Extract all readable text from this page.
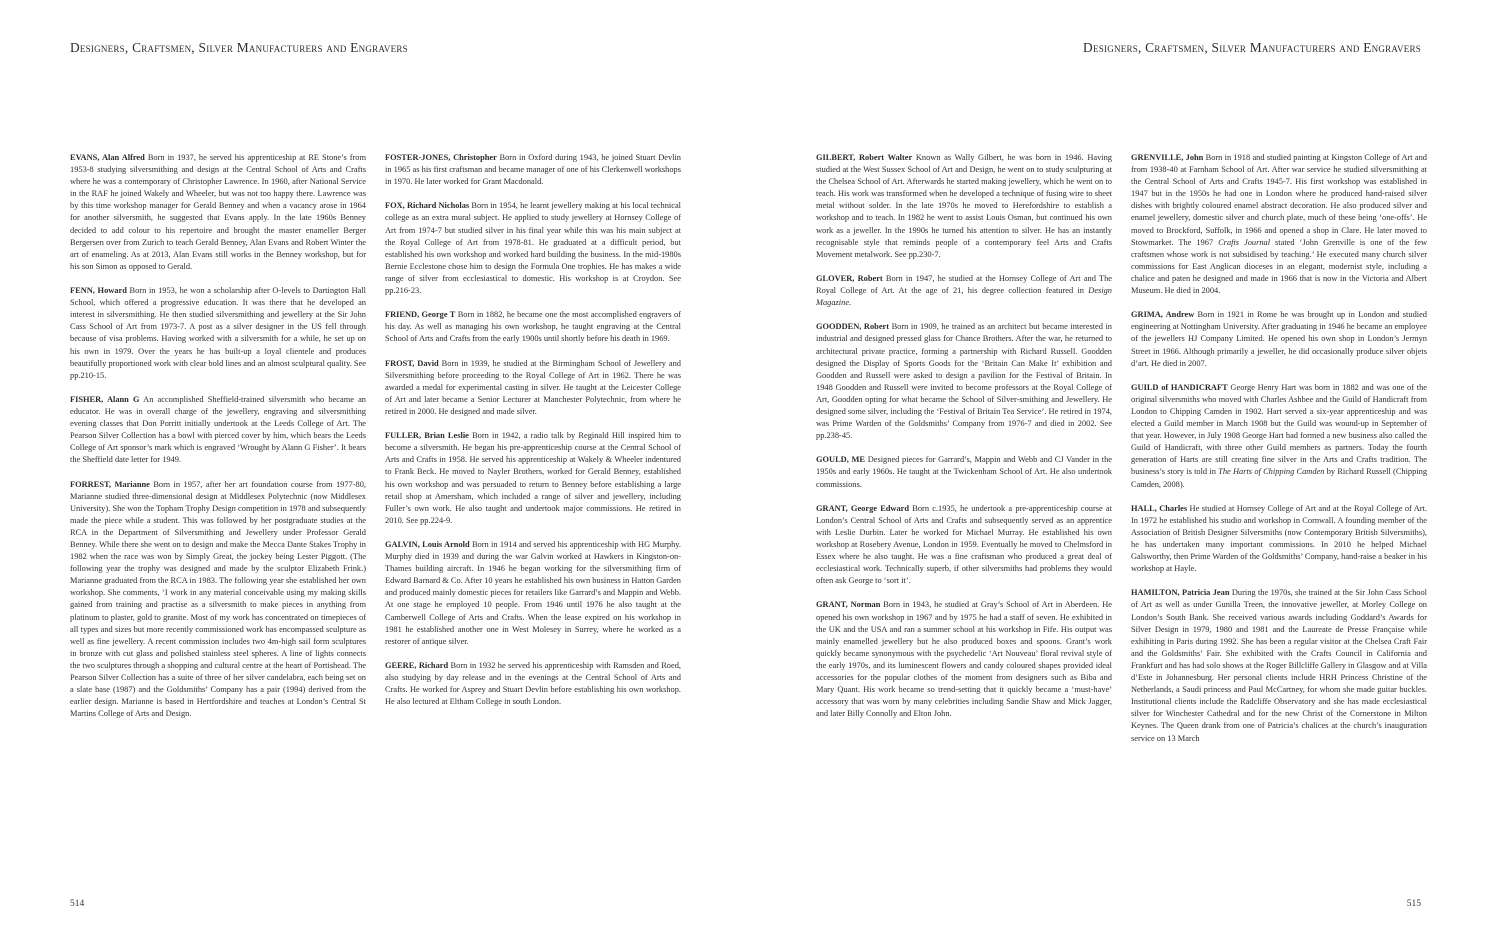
Designers, Craftsmen, Silver Manufacturers and Engravers	Designers, Craftsmen, Silver Manufacturers and Engravers

EVANS, Alan Alfred Born in 1937, he served his apprenticeship at RE Stone’s from 1953-8 studying silversmithing and design at the Central School of Arts and Crafts where he was a contemporary of Christopher Lawrence. In 1960, after National Service in the RAF he joined Wakely and Wheeler, but was not too happy there. Lawrence was by this time workshop manager for Gerald Benney and when a vacancy arose in 1964 for another silversmith, he suggested that Evans apply. In the late 1960s Benney decided to add colour to his repertoire and brought the master enameller Berger Bergersen over from Zurich to teach Gerald Benney, Alan Evans and Robert Winter the art of enameling. As at 2013, Alan Evans still works in the Benney workshop, but for his son Simon as opposed to Gerald.

FENN, Howard Born in 1953, he won a scholarship after O-levels to Dartington Hall School, which offered a progressive education. It was there that he developed an interest in silversmithing. He then studied silversmithing and jewellery at the Sir John Cass School of Art from 1973-7. A post as a silver designer in the US fell through because of visa problems. Having worked with a silversmith for a while, he set up on his own in 1979. Over the years he has built-up a loyal clientele and produces beautifully proportioned work with clear bold lines and an almost sculptural quality. See pp.210-15.

FISHER, Alann G An accomplished Sheffield-trained silversmith who became an educator. He was in overall charge of the jewellery, engraving and silversmithing evening classes that Don Porritt initially undertook at the Leeds College of Art. The Pearson Silver Collection has a bowl with pierced cover by him, which bears the Leeds College of Art sponsor’s mark which is engraved ‘Wrought by Alann G Fisher’. It bears the Sheffield date letter for 1949.

FORREST, Marianne Born in 1957, after her art foundation course from 1977-80, Marianne studied three-dimensional design at Middlesex Polytechnic (now Middlesex University). She won the Topham Trophy Design competition in 1978 and subsequently made the piece while a student. This was followed by her postgraduate studies at the RCA in the Department of Silversmithing and Jewellery under Professor Gerald Benney. While there she went on to design and make the Mecca Dante Stakes Trophy in 1982 when the race was won by Simply Great, the jockey being Lester Piggott. (The following year the trophy was designed and made by the sculptor Elizabeth Frink.) Marianne graduated from the RCA in 1983. The following year she established her own workshop. She comments, ‘I work in any material conceivable using my making skills gained from training and practise as a silversmith to make pieces in anything from platinum to plaster, gold to granite. Most of my work has concentrated on timepieces of all types and sizes but more recently commissioned work has encompassed sculpture as well as fine jewellery. A recent commission includes two 4m-high sail form sculptures in bronze with cut glass and polished stainless steel spheres. A line of lights connects the two sculptures through a shopping and cultural centre at the heart of Portishead. The Pearson Silver Collection has a suite of three of her silver candelabra, each being set on a slate base (1987) and the Goldsmiths’ Company has a pair (1994) derived from the earlier design. Marianne is based in Hertfordshire and teaches at London’s Central St Martins College of Arts and Design.

FOSTER-JONES, Christopher Born in Oxford during 1943, he joined Stuart Devlin in 1965 as his first craftsman and became manager of one of his Clerkenwell workshops in 1970. He later worked for Grant Macdonald.

FOX, Richard Nicholas Born in 1954, he learnt jewellery making at his local technical college as an extra mural subject. He applied to study jewellery at Hornsey College of Art from 1974-7 but studied silver in his final year while this was his main subject at the Royal College of Art from 1978-81. He graduated at a difficult period, but established his own workshop and worked hard building the business. In the mid-1980s Bernie Ecclestone chose him to design the Formula One trophies. He has makes a wide range of silver from ecclesiastical to domestic. His workshop is at Croydon. See pp.216-23.

FRIEND, George T Born in 1882, he became one the most accomplished engravers of his day. As well as managing his own workshop, he taught engraving at the Central School of Arts and Crafts from the early 1900s until shortly before his death in 1969.

FROST, David Born in 1939, he studied at the Birmingham School of Jewellery and Silversmithing before proceeding to the Royal College of Art in 1962. There he was awarded a medal for experimental casting in silver. He taught at the Leicester College of Art and later became a Senior Lecturer at Manchester Polytechnic, from where he retired in 2000. He designed and made silver.

FULLER, Brian Leslie Born in 1942, a radio talk by Reginald Hill inspired him to become a silversmith. He began his pre-apprenticeship course at the Central School of Arts and Crafts in 1958. He served his apprenticeship at Wakely & Wheeler indentured to Frank Beck. He moved to Nayler Brothers, worked for Gerald Benney, established his own workshop and was persuaded to return to Benney before establishing a large retail shop at Amersham, which included a range of silver and jewellery, including Fuller’s own work. He also taught and undertook major commissions. He retired in 2010. See pp.224-9.

GALVIN, Louis Arnold Born in 1914 and served his apprenticeship with HG Murphy. Murphy died in 1939 and during the war Galvin worked at Hawkers in Kingston-on-Thames building aircraft. In 1946 he began working for the silversmithing firm of Edward Barnard & Co. After 10 years he established his own business in Hatton Garden and produced mainly domestic pieces for retailers like Garrard’s and Mappin and Webb. At one stage he employed 10 people. From 1946 until 1976 he also taught at the Camberwell College of Arts and Crafts. When the lease expired on his workshop in 1981 he established another one in West Molesey in Surrey, where he worked as a restorer of antique silver.

GEERE, Richard Born in 1932 he served his apprenticeship with Ramsden and Roed, also studying by day release and in the evenings at the Central School of Arts and Crafts. He worked for Asprey and Stuart Devlin before establishing his own workshop. He also lectured at Eltham College in south London.

GILBERT, Robert Walter Known as Wally Gilbert, he was born in 1946. Having studied at the West Sussex School of Art and Design, he went on to study sculpturing at the Chelsea School of Art. Afterwards he started making jewellery, which he went on to teach. His work was transformed when he developed a technique of fusing wire to sheet metal without solder. In the late 1970s he moved to Herefordshire to establish a workshop and to teach. In 1982 he went to assist Louis Osman, but continued his own work as a jeweller. In the 1990s he turned his attention to silver. He has an instantly recognisable style that reminds people of a contemporary feel Arts and Crafts Movement metalwork. See pp.230-7.

GLOVER, Robert Born in 1947, he studied at the Hornsey College of Art and The Royal College of Art. At the age of 21, his degree collection featured in Design Magazine.

GOODDEN, Robert Born in 1909, he trained as an architect but became interested in industrial and designed pressed glass for Chance Brothers. After the war, he returned to architectural private practice, forming a partnership with Richard Russell. Goodden designed the Display of Sports Goods for the ‘Britain Can Make It’ exhibition and Goodden and Russell were asked to design a pavilion for the Festival of Britain. In 1948 Goodden and Russell were invited to become professors at the Royal College of Art, Goodden opting for what became the School of Silver-smithing and Jewellery. He designed some silver, including the ‘Festival of Britain Tea Service’. He retired in 1974, was Prime Warden of the Goldsmiths’ Company from 1976-7 and died in 2002. See pp.238-45.

GOULD, ME Designed pieces for Garrard’s, Mappin and Webb and CJ Vander in the 1950s and early 1960s. He taught at the Twickenham School of Art. He also undertook commissions.

GRANT, George Edward Born c.1935, he undertook a pre-apprenticeship course at London’s Central School of Arts and Crafts and subsequently served as an apprentice with Leslie Durbin. Later he worked for Michael Murray. He established his own workshop at Rosebery Avenue, London in 1959. Eventually he moved to Chelmsford in Essex where he also taught. He was a fine craftsman who produced a great deal of ecclesiastical work. Technically superb, if other silversmiths had problems they would often ask George to ‘sort it’.

GRANT, Norman Born in 1943, he studied at Gray’s School of Art in Aberdeen. He opened his own workshop in 1967 and by 1975 he had a staff of seven. He exhibited in the UK and the USA and ran a summer school at his workshop in Fife. His output was mainly enamelled jewellery but he also produced boxes and spoons. Grant’s work quickly became synonymous with the psychedelic ‘Art Nouveau’ floral revival style of the early 1970s, and its luminescent flowers and candy coloured shapes provided ideal accessories for the popular clothes of the moment from designers such as Biba and Mary Quant. His work became so trend-setting that it quickly became a ‘must-have’ accessory that was worn by many celebrities including Sandie Shaw and Mick Jagger, and later Billy Connolly and Elton John.

GRENVILLE, John Born in 1918 and studied painting at Kingston College of Art and from 1938-40 at Farnham School of Art. After war service he studied silversmithing at the Central School of Arts and Crafts 1945-7. His first workshop was established in 1947 but in the 1950s he had one in London where he produced hand-raised silver dishes with brightly coloured enamel abstract decoration. He also produced silver and enamel jewellery, domestic silver and church plate, much of these being ‘one-offs’. He moved to Brockford, Suffolk, in 1966 and opened a shop in Clare. He later moved to Stowmarket. The 1967 Crafts Journal stated ‘John Grenville is one of the few craftsmen whose work is not subsidised by teaching.’ He executed many church silver commissions for East Anglican dioceses in an elegant, modernist style, including a chalice and paten he designed and made in 1966 that is now in the Victoria and Albert Museum. He died in 2004.

GRIMA, Andrew Born in 1921 in Rome he was brought up in London and studied engineering at Nottingham University. After graduating in 1946 he became an employee of the jewellers HJ Company Limited. He opened his own shop in London’s Jermyn Street in 1966. Although primarily a jeweller, he did occasionally produce silver objets d’art. He died in 2007.

GUILD of HANDICRAFT George Henry Hart was born in 1882 and was one of the original silversmiths who moved with Charles Ashbee and the Guild of Handicraft from London to Chipping Camden in 1902. Hart served a six-year apprenticeship and was elected a Guild member in March 1908 but the Guild was wound-up in September of that year. However, in July 1908 George Hart had formed a new business also called the Guild of Handicraft, with three other Guild members as partners. Today the fourth generation of Harts are still creating fine silver in the Arts and Crafts tradition. The business’s story is told in The Harts of Chipping Camden by Richard Russell (Chipping Camden, 2008).

HALL, Charles He studied at Hornsey College of Art and at the Royal College of Art. In 1972 he established his studio and workshop in Cornwall. A founding member of the Association of British Designer Silversmiths (now Contemporary British Silversmiths), he has undertaken many important commissions. In 2010 he helped Michael Galsworthy, then Prime Warden of the Goldsmiths’ Company, hand-raise a beaker in his workshop at Hayle.

HAMILTON, Patricia Jean During the 1970s, she trained at the Sir John Cass School of Art as well as under Gunilla Treen, the innovative jeweller, at Morley College on London’s South Bank. She received various awards including Goddard’s Awards for Silver Design in 1979, 1980 and 1981 and the Laureate de Presse Française while exhibiting in Paris during 1992. She has been a regular visitor at the Chelsea Craft Fair and the Goldsmiths’ Fair. She exhibited with the Crafts Council in California and Frankfurt and has had solo shows at the Roger Billcliffe Gallery in Glasgow and at Villa d’Este in Johannesburg. Her personal clients include HRH Princess Christine of the Netherlands, a Saudi princess and Paul McCartney, for whom she made guitar buckles. Institutional clients include the Radcliffe Observatory and she has made ecclesiastical silver for Winchester Cathedral and for the new Christ of the Cornerstone in Milton Keynes. The Queen drank from one of Patricia’s chalices at the church’s inauguration service on 13 March

514	515
